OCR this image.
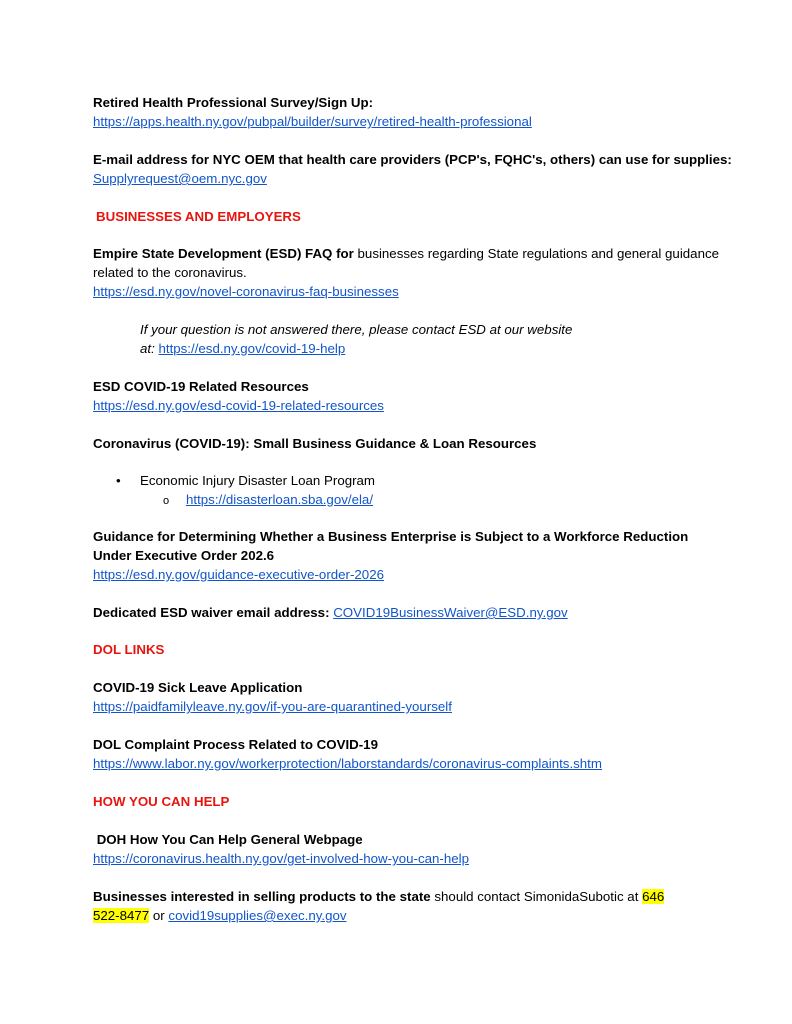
Retired Health Professional Survey/Sign Up:
https://apps.health.ny.gov/pubpal/builder/survey/retired-health-professional
E-mail address for NYC OEM that health care providers (PCP's, FQHC's, others) can use for supplies: Supplyrequest@oem.nyc.gov
BUSINESSES AND EMPLOYERS
Empire State Development (ESD) FAQ for businesses regarding State regulations and general guidance related to the coronavirus.
https://esd.ny.gov/novel-coronavirus-faq-businesses
If your question is not answered there, please contact ESD at our website
at: https://esd.ny.gov/covid-19-help
ESD COVID-19 Related Resources
https://esd.ny.gov/esd-covid-19-related-resources
Coronavirus (COVID-19): Small Business Guidance & Loan Resources
• Economic Injury Disaster Loan Program
o https://disasterloan.sba.gov/ela/
Guidance for Determining Whether a Business Enterprise is Subject to a Workforce Reduction Under Executive Order 202.6
https://esd.ny.gov/guidance-executive-order-2026
Dedicated ESD waiver email address: COVID19BusinessWaiver@ESD.ny.gov
DOL LINKS
COVID-19 Sick Leave Application
https://paidfamilyleave.ny.gov/if-you-are-quarantined-yourself
DOL Complaint Process Related to COVID-19
https://www.labor.ny.gov/workerprotection/laborstandards/coronavirus-complaints.shtm
HOW YOU CAN HELP
DOH How You Can Help General Webpage
https://coronavirus.health.ny.gov/get-involved-how-you-can-help
Businesses interested in selling products to the state should contact SimonidaSubotic at 646
522-8477 or covid19supplies@exec.ny.gov
